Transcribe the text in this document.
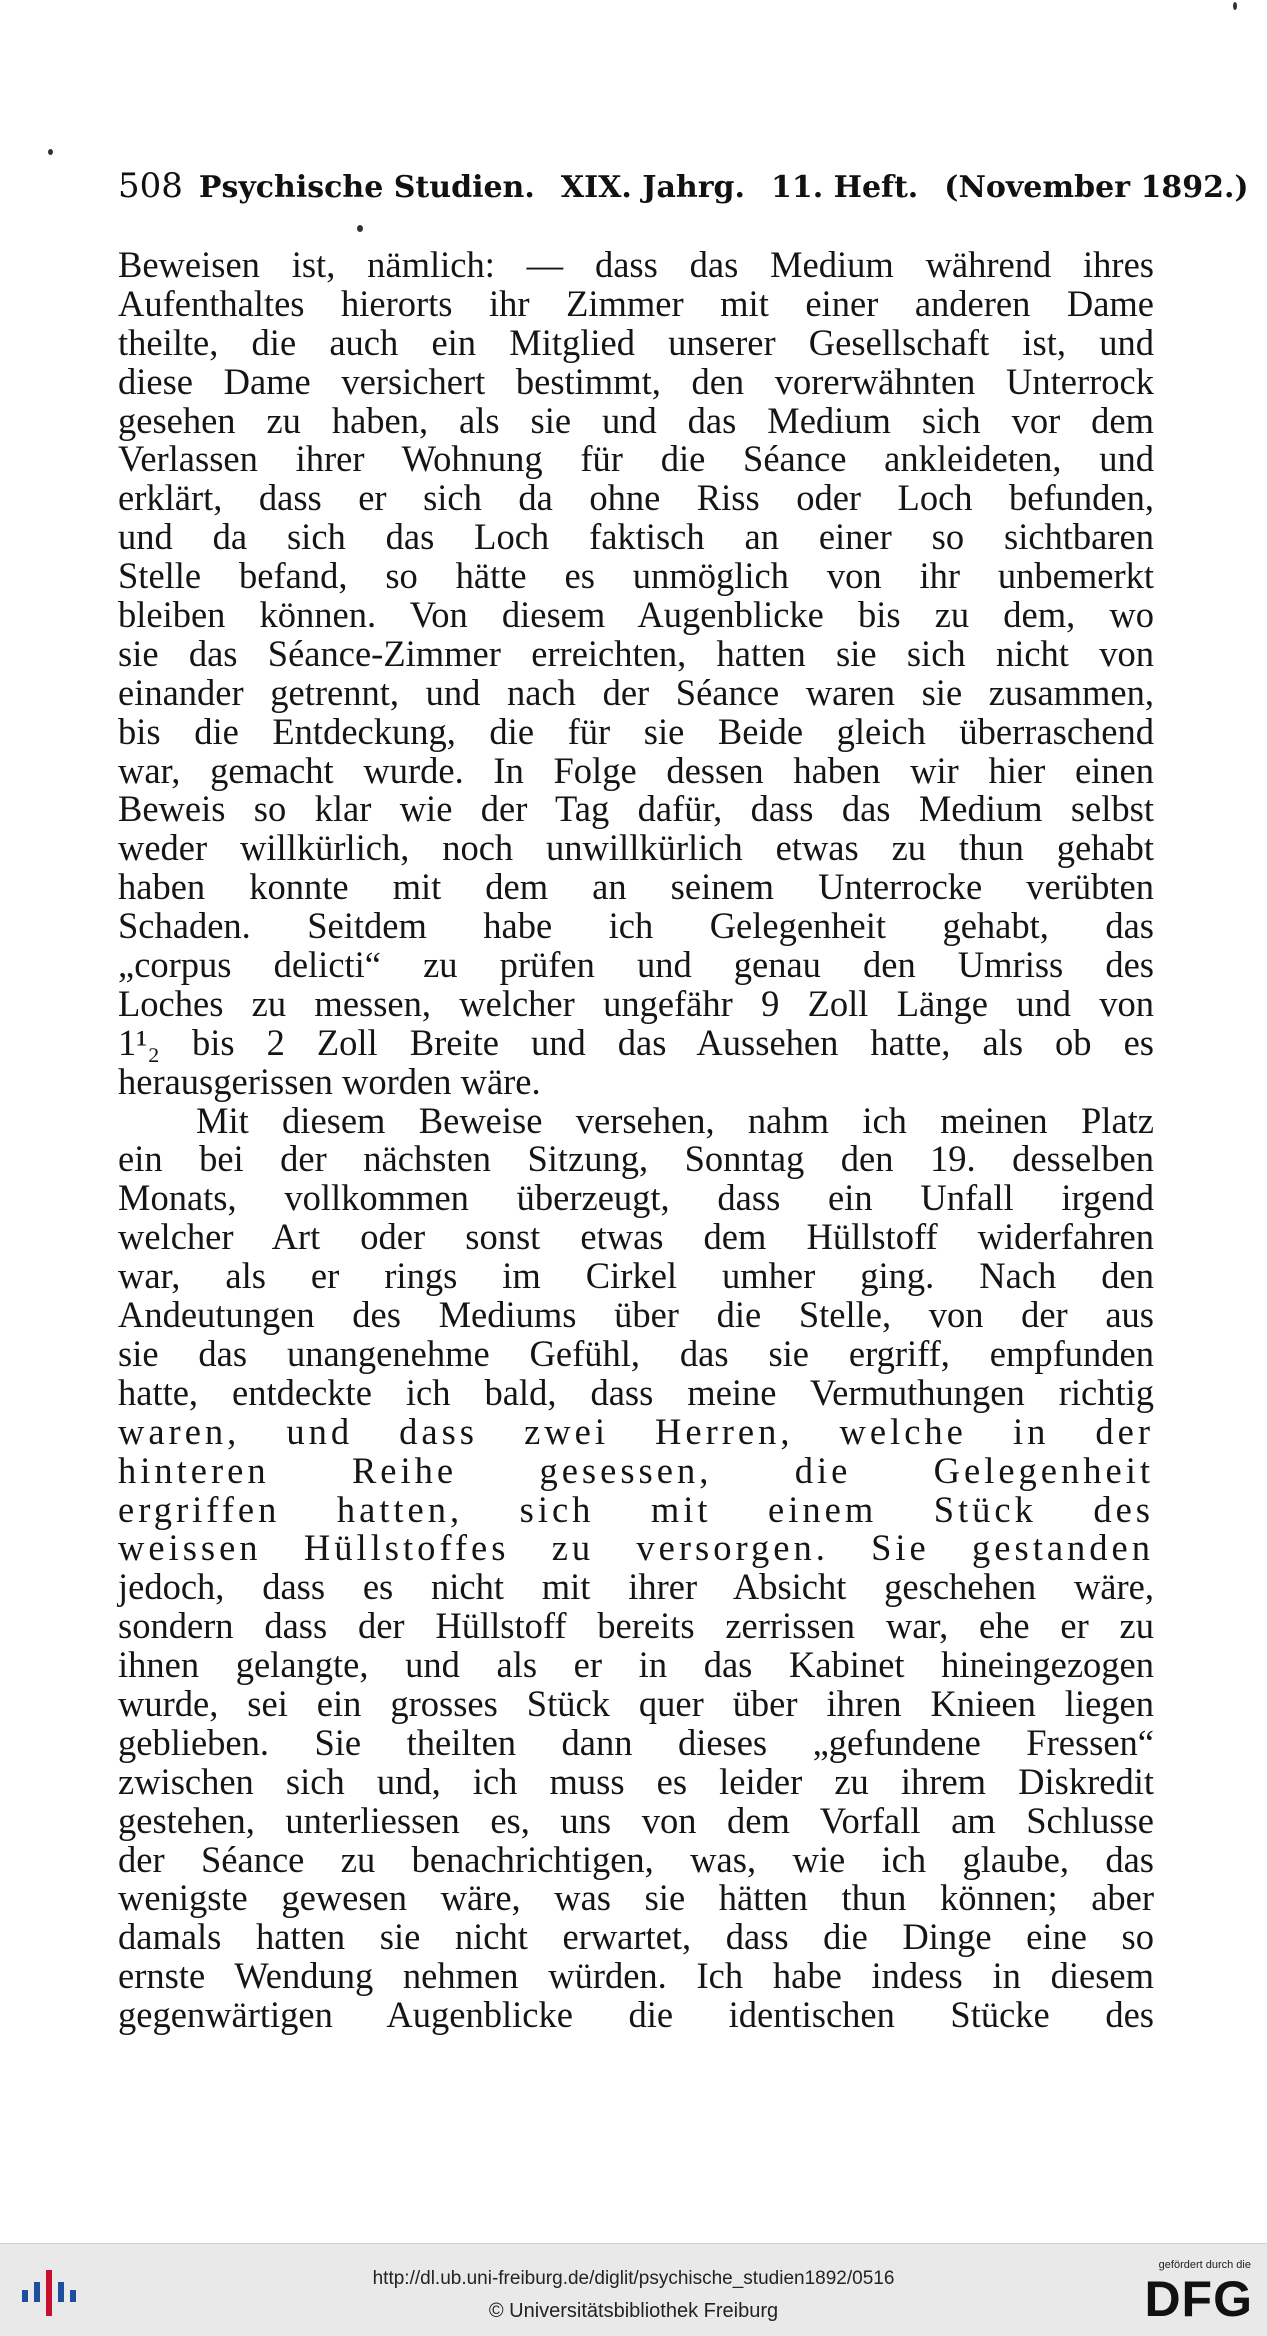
508 Psychische Studien. XIX. Jahrg. 11. Heft. (November 1892.)
Beweisen ist, nämlich: — dass das Medium während ihres
Aufenthaltes hierorts ihr Zimmer mit einer anderen Dame
theilte, die auch ein Mitglied unserer Gesellschaft ist, und
diese Dame versichert bestimmt, den vorerwähnten Unterrock
gesehen zu haben, als sie und das Medium sich vor dem
Verlassen ihrer Wohnung für die Séance ankleideten, und
erklärt, dass er sich da ohne Riss oder Loch befunden,
und da sich das Loch faktisch an einer so sichtbaren
Stelle befand, so hätte es unmöglich von ihr unbemerkt
bleiben können. Von diesem Augenblicke bis zu dem, wo
sie das Séance-Zimmer erreichten, hatten sie sich nicht von
einander getrennt, und nach der Séance waren sie zusammen,
bis die Entdeckung, die für sie Beide gleich überraschend
war, gemacht wurde. In Folge dessen haben wir hier einen
Beweis so klar wie der Tag dafür, dass das Medium selbst
weder willkürlich, noch unwillkürlich etwas zu thun gehabt
haben konnte mit dem an seinem Unterrocke verübten
Schaden. Seitdem habe ich Gelegenheit gehabt, das
„corpus delicti“ zu prüfen und genau den Umriss des
Loches zu messen, welcher ungefähr 9 Zoll Länge und von
1¹₂ bis 2 Zoll Breite und das Aussehen hatte, als ob es
herausgerissen worden wäre.
Mit diesem Beweise versehen, nahm ich meinen Platz
ein bei der nächsten Sitzung, Sonntag den 19. desselben
Monats, vollkommen überzeugt, dass ein Unfall irgend
welcher Art oder sonst etwas dem Hüllstoff widerfahren
war, als er rings im Cirkel umher ging. Nach den
Andeutungen des Mediums über die Stelle, von der aus
sie das unangenehme Gefühl, das sie ergriff, empfunden
hatte, entdeckte ich bald, dass meine Vermuthungen richtig
waren, und dass zwei Herren, welche in der
hinteren Reihe gesessen, die Gelegenheit
ergriffen hatten, sich mit einem Stück des
weissen Hüllstoffes zu versorgen. Sie gestanden
jedoch, dass es nicht mit ihrer Absicht geschehen wäre,
sondern dass der Hüllstoff bereits zerrissen war, ehe er zu
ihnen gelangte, und als er in das Kabinet hineingezogen
wurde, sei ein grosses Stück quer über ihren Knieen liegen
geblieben. Sie theilten dann dieses „gefundene Fressen“
zwischen sich und, ich muss es leider zu ihrem Diskredit
gestehen, unterliessen es, uns von dem Vorfall am Schlusse
der Séance zu benachrichtigen, was, wie ich glaube, das
wenigste gewesen wäre, was sie hätten thun können; aber
damals hatten sie nicht erwartet, dass die Dinge eine so
ernste Wendung nehmen würden. Ich habe indess in diesem
gegenwärtigen Augenblicke die identischen Stücke des
http://dl.ub.uni-freiburg.de/diglit/psychische_studien1892/0516
© Universitätsbibliothek Freiburg
gefördert durch die
DFG
